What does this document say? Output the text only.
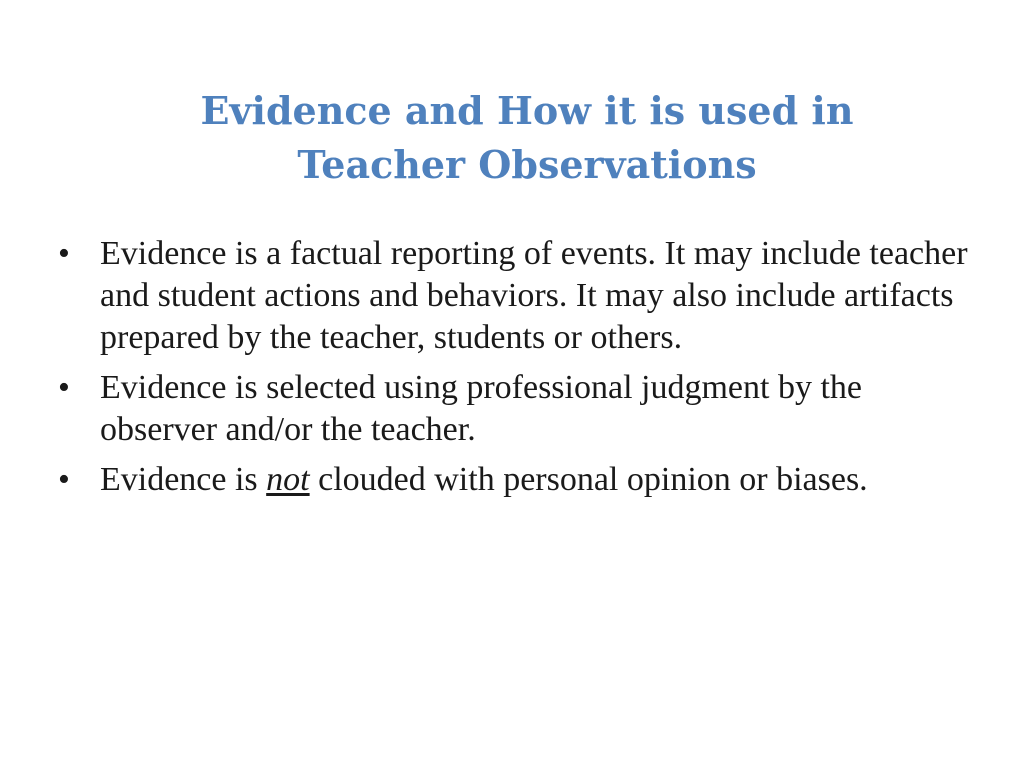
Evidence and How it is used in
Teacher Observations
• Evidence is a factual reporting of events. It may include teacher and student actions and behaviors. It may also include artifacts prepared by the teacher, students or others.
• Evidence is selected using professional judgment by the observer and/or the teacher.
• Evidence is not clouded with personal opinion or biases.
